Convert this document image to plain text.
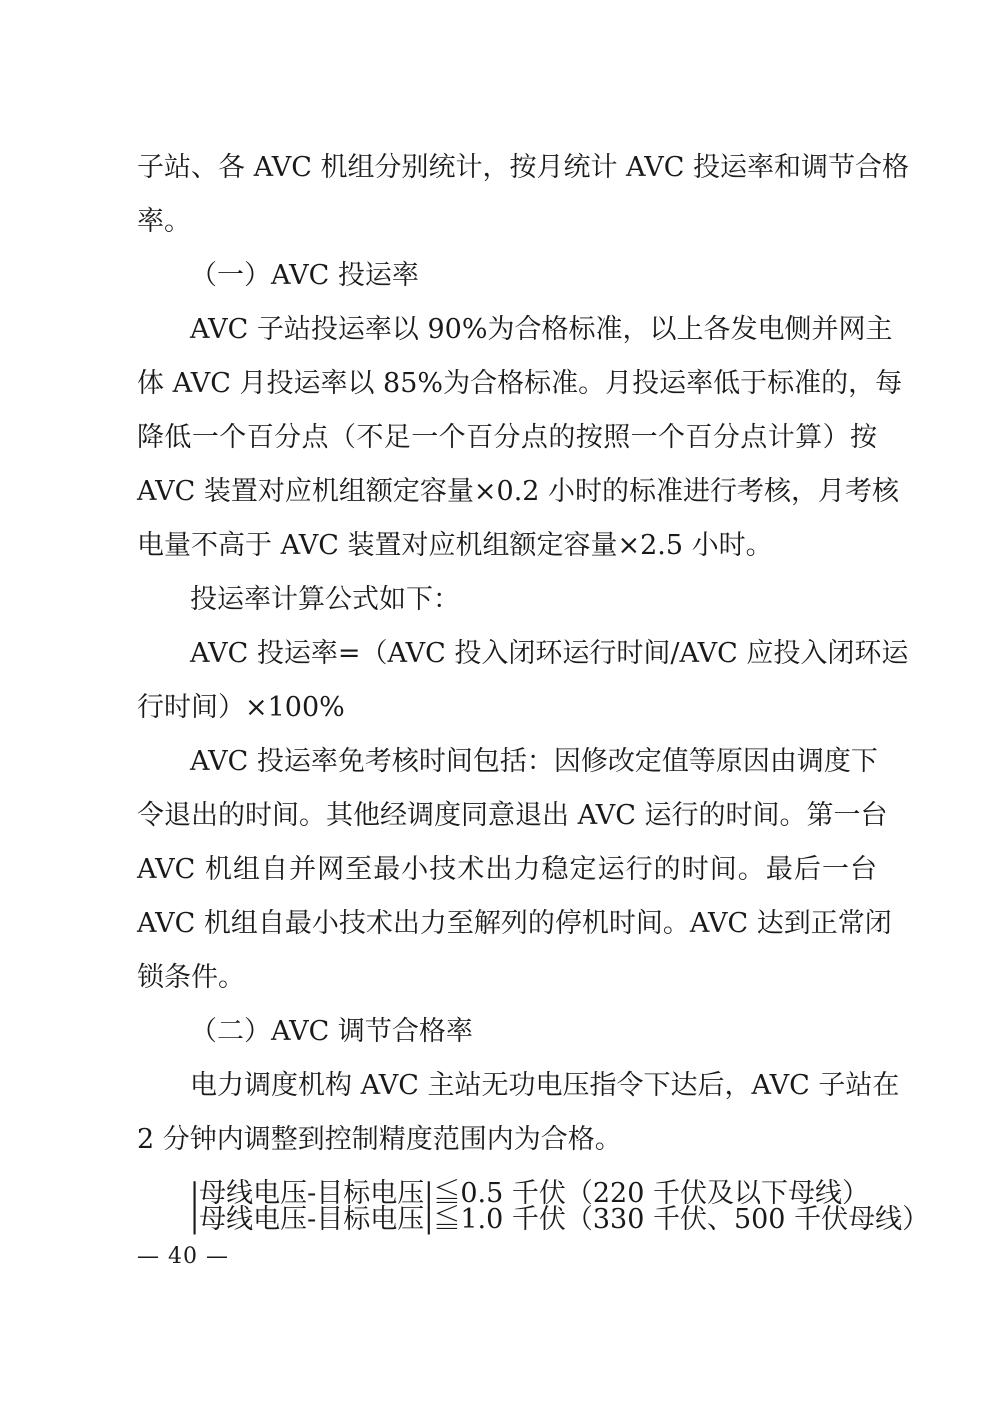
子站、各 AVC 机组分别统计，按月统计 AVC 投运率和调节合格
率。
（一）AVC 投运率
AVC 子站投运率以 90%为合格标准，以上各发电侧并网主
体 AVC 月投运率以 85%为合格标准。月投运率低于标准的，每
降低一个百分点（不足一个百分点的按照一个百分点计算）按
AVC 装置对应机组额定容量×0.2 小时的标准进行考核，月考核
电量不高于 AVC 装置对应机组额定容量×2.5 小时。
投运率计算公式如下：
AVC 投运率=（AVC 投入闭环运行时间/AVC 应投入闭环运
行时间）×100%
AVC 投运率免考核时间包括：因修改定值等原因由调度下
令退出的时间。其他经调度同意退出 AVC 运行的时间。第一台
AVC 机组自并网至最小技术出力稳定运行的时间。最后一台
AVC 机组自最小技术出力至解列的停机时间。AVC 达到正常闭
锁条件。
（二）AVC 调节合格率
电力调度机构 AVC 主站无功电压指令下达后，AVC 子站在
2 分钟内调整到控制精度范围内为合格。
|母线电压-目标电压|≦0.5 千伏（220 千伏及以下母线）
|母线电压-目标电压|≦1.0 千伏（330 千伏、500 千伏母线）
— 40 —
